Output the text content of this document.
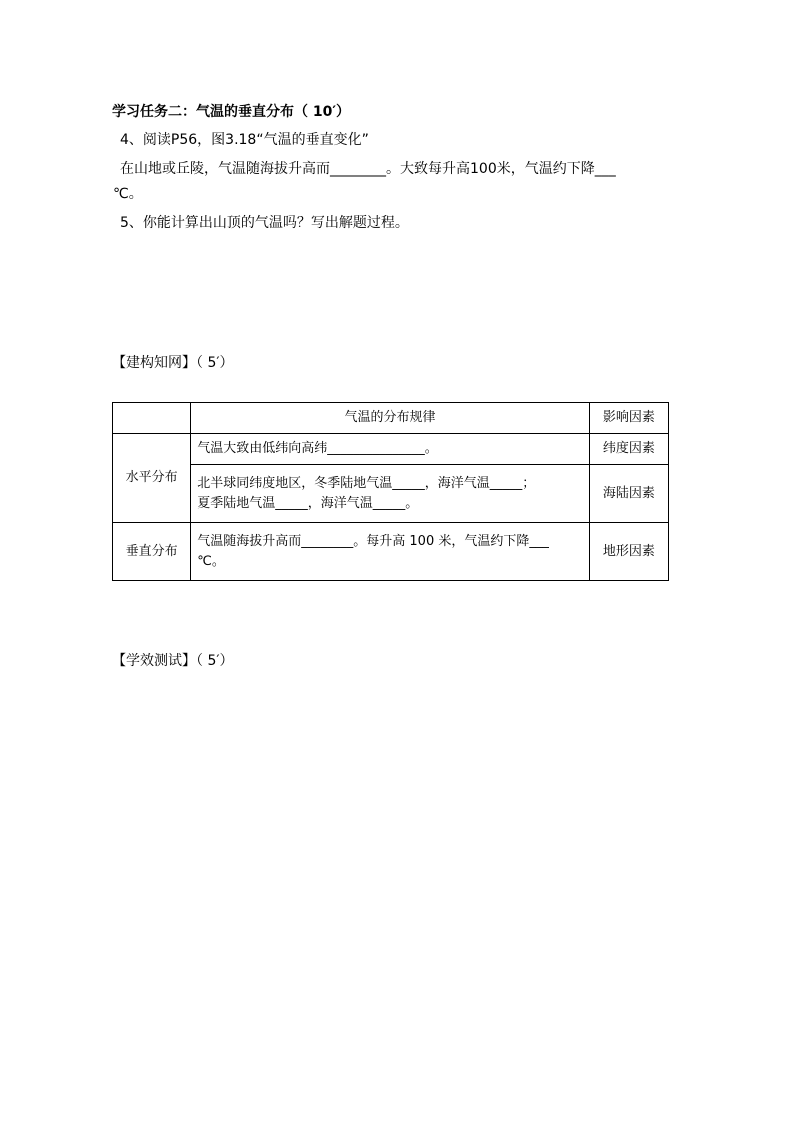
学习任务二：气温的垂直分布（ 10′）
4、阅读P56，图3.18“气温的垂直变化”
在山地或丘陵，气温随海拔升高而________。大致每升高100米，气温约下降___
℃。
5、你能计算出山顶的气温吗？写出解题过程。
【建构知网】（ 5′）
	气温的分布规律	影响因素
水平分布	气温大致由低纬向高纬_______________。	纬度因素

	北半球同纬度地区，冬季陆地气温_____，海洋气温_____；
夏季陆地气温_____，海洋气温_____。	海陆因素
垂直分布	气温随海拔升高而________。每升高 100 米，气温约下降___
℃。	地形因素
【学效测试】（ 5′）
